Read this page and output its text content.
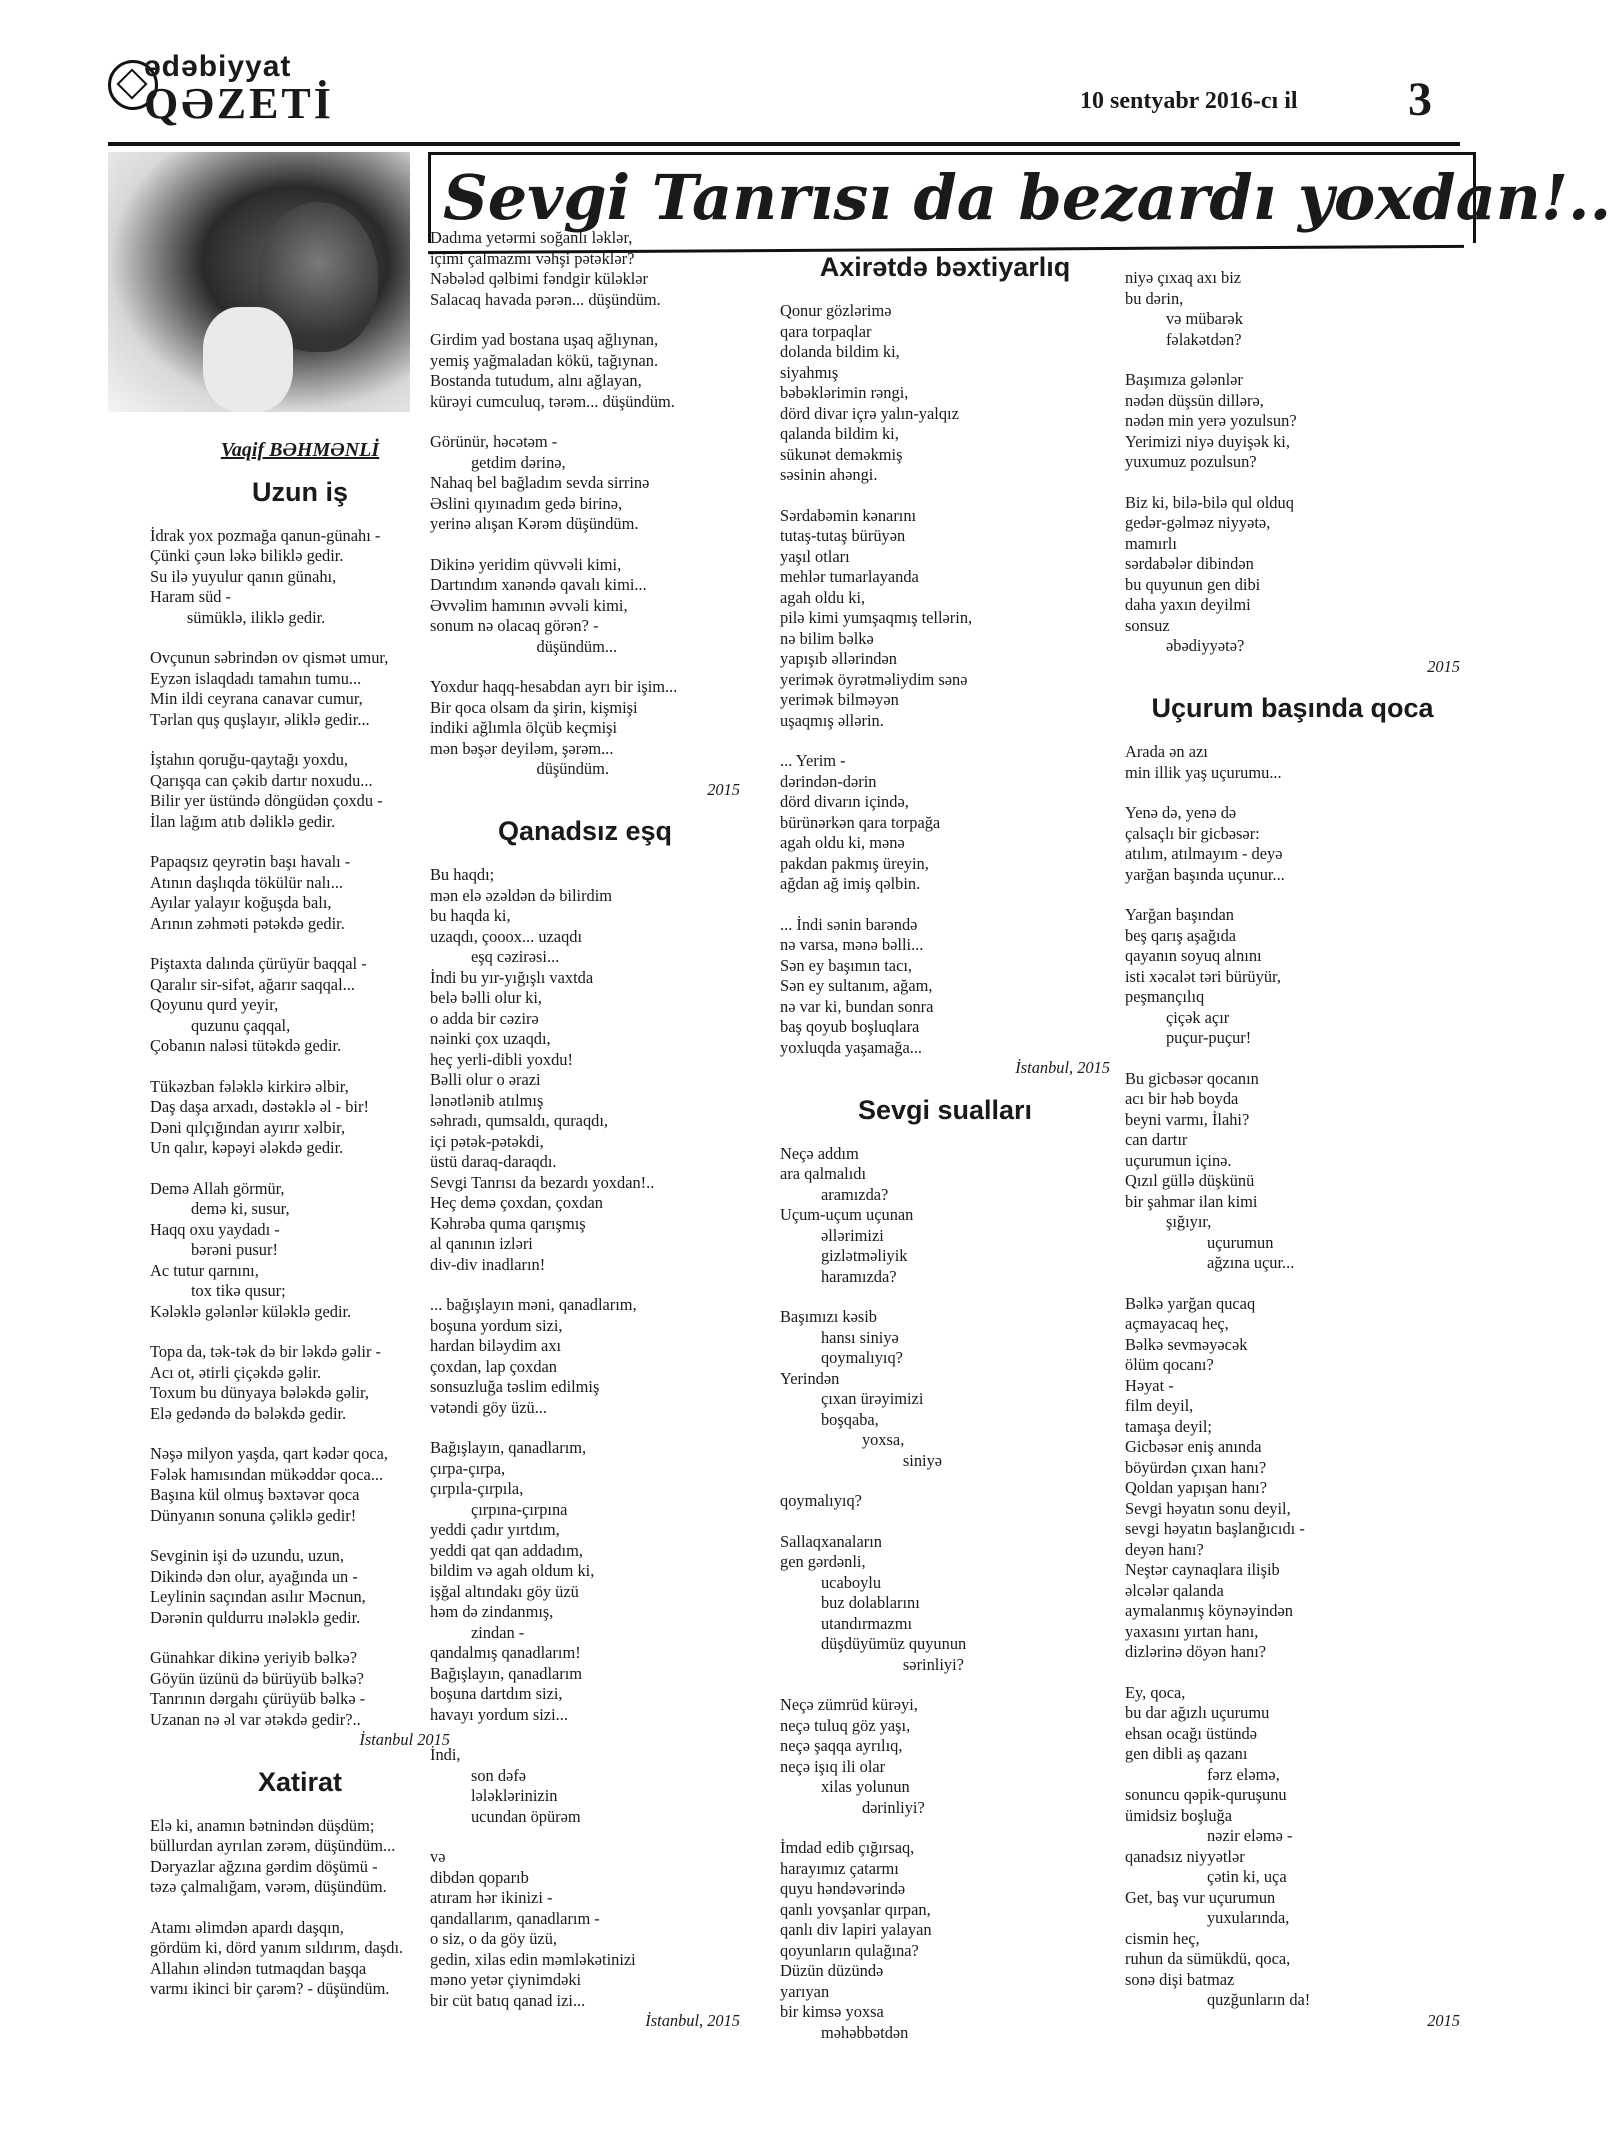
ədəbiyyat
QƏZETİ	10 sentyabr 2016-cı il 3
Sevgi Tanrısı da bezardı yoxdan!..
Vaqif BƏHMƏNLİ
Uzun iş

İdrak yox pozmağa qanun-günahı -

Çünki çəun ləkə biliklə gedir.

Su ilə yuyulur qanın günahı,

Haram süd -

sümüklə, iliklə gedir.

Ovçunun səbrindən ov qismət umur,

Eyzən islaqdadı tamahın tumu...

Min ildi ceyrana canavar cumur,

Tərlan quş quşlayır, əliklə gedir...

İştahın qoruğu-qaytağı yoxdu,

Qarışqa can çəkib dartır noxudu...

Bilir yer üstündə döngüdən çoxdu -

İlan lağım atıb dəliklə gedir.

Papaqsız qeyrətin başı havalı -

Atının daşlıqda tökülür nalı...

Ayılar yalayır koğuşda balı,

Arının zəhməti pətəkdə gedir.

Piştaxta dalında çürüyür baqqal -

Qaralır sir-sifət, ağarır saqqal...

Qoyunu qurd yeyir,

quzunu çaqqal,

Çobanın naləsi tütəkdə gedir.

Tükəzban fələklə kirkirə əlbir,

Daş daşa arxadı, dəstəklə əl - bir!

Dəni qılçığından ayırır xəlbir,

Un qalır, kəpəyi ələkdə gedir.

Demə Allah görmür,

demə ki, susur,

Haqq oxu yaydadı -

bərəni pusur!

Ac tutur qarnını,

tox tikə qusur;

Kələklə gələnlər küləklə gedir.

Topa da, tək-tək də bir ləkdə gəlir -

Acı ot, ətirli çiçəkdə gəlir.

Toxum bu dünyaya bələkdə gəlir,

Elə gedəndə də bələkdə gedir.

Nəşə milyon yaşda, qart kədər qoca,

Fələk hamısından mükəddər qoca...

Başına kül olmuş bəxtəvər qoca

Dünyanın sonuna çəliklə gedir!

Sevginin işi də uzundu, uzun,

Dikində dən olur, ayağında un -

Leylinin saçından asılır Məcnun,

Dərənin quldurru ınələklə gedir.

Günahkar dikinə yeriyib bəlkə?

Göyün üzünü də bürüyüb bəlkə?

Tanrının dərgahı çürüyüb bəlkə -

Uzanan nə əl var ətəkdə gedir?..

İstanbul 2015

Xatirat

Elə ki, anamın bətnindən düşdüm;

büllurdan ayrılan zərəm, düşündüm...

Dəryazlar ağzına gərdim döşümü -

təzə çalmalığam, vərəm, düşündüm.

Atamı əlimdən apardı daşqın,

gördüm ki, dörd yanım sıldırım, daşdı.

Allahın əlindən tutmaqdan başqa

varmı ikinci bir çarəm? - düşündüm.

Dadıma yetərmi soğanlı ləklər,

içimi çalmazmı vəhşi pətəklər?

Nəbələd qəlbimi fəndgir küləklər

Salacaq havada pərən... düşündüm.

Girdim yad bostana uşaq ağlıynan,

yemiş yağmaladan kökü, tağıynan.

Bostanda tutudum, alnı ağlayan,

kürəyi cumculuq, tərəm... düşündüm.

Görünür, həcətəm -

getdim dərinə,

Nahaq bel bağladım sevda sirrinə

Əslini qıyınadım gedə birinə,

yerinə alışan Kərəm düşündüm.

Dikinə yeridim qüvvəli kimi,

Dartındım xanəndə qavalı kimi...

Əvvəlim hamının əvvəli kimi,

sonum nə olacaq görən? -

düşündüm...

Yoxdur haqq-hesabdan ayrı bir işim...

Bir qoca olsam da şirin, kişmişi

indiki ağlımla ölçüb keçmişi

mən bəşər deyiləm, şərəm...

düşündüm.

2015

Qanadsız eşq

Bu haqdı;

mən elə əzəldən də bilirdim

bu haqda ki,

uzaqdı, çooox... uzaqdı

eşq cəzirəsi...

İndi bu yır-yığışlı vaxtda

belə bəlli olur ki,

o adda bir cəzirə

nəinki çox uzaqdı,

heç yerli-dibli yoxdu!

Bəlli olur o ərazi

lənətlənib atılmış

səhradı, qumsaldı, quraqdı,

içi pətək-pətəkdi,

üstü daraq-daraqdı.

Sevgi Tanrısı da bezardı yoxdan!..

Heç demə çoxdan, çoxdan

Kəhrəba quma qarışmış

al qanının izləri

div-div inadların!

... bağışlayın məni, qanadlarım,

boşuna yordum sizi,

hardan biləydim axı

çoxdan, lap çoxdan

sonsuzluğa təslim edilmiş

vətəndi göy üzü...

Bağışlayın, qanadlarım,

çırpa-çırpa,

çırpıla-çırpıla,

çırpına-çırpına

yeddi çadır yırtdım,

yeddi qat qan addadım,

bildim və agah oldum ki,

işğal altındakı göy üzü

həm də zindanmış,

zindan -

qandalmış qanadlarım!

Bağışlayın, qanadlarım

boşuna dartdım sizi,

havayı yordum sizi...

İndi,

son dəfə

lələklərinizin

ucundan öpürəm

və

dibdən qoparıb

atıram hər ikinizi -

qandallarım, qanadlarım -

o siz, o da göy üzü,

gedin, xilas edin məmləkətinizi

məno yetər çiynimdəki

bir cüt batıq qanad izi...

İstanbul, 2015

Axirətdə bəxtiyarlıq

Qonur gözlərimə

qara torpaqlar

dolanda bildim ki,

siyahmış

bəbəklərimin rəngi,

dörd divar içrə yalın-yalqız

qalanda bildim ki,

sükunət deməkmiş

səsinin ahəngi.

Sərdabəmin kənarını

tutaş-tutaş bürüyən

yaşıl otları

mehlər tumarlayanda

agah oldu ki,

pilə kimi yumşaqmış tellərin,

nə bilim bəlkə

yapışıb əllərindən

yerimək öyrətməliydim sənə

yerimək bilməyən

uşaqmış əllərin.

... Yerim -

dərindən-dərin

dörd divarın içində,

bürünərkən qara torpağa

agah oldu ki, mənə

pakdan pakmış üreyin,

ağdan ağ imiş qəlbin.

... İndi sənin barəndə

nə varsa, mənə bəlli...

Sən ey başımın tacı,

Sən ey sultanım, ağam,

nə var ki, bundan sonra

baş qoyub boşluqlara

yoxluqda yaşamağa...

İstanbul, 2015

Sevgi sualları

Neçə addım

ara qalmalıdı

aramızda?

Uçum-uçum uçunan

əllərimizi

gizlətməliyik

haramızda?

Başımızı kəsib

hansı siniyə

qoymalıyıq?

Yerindən

çıxan ürəyimizi

boşqaba,

yoxsa,

siniyə

qoymalıyıq?

Sallaqxanaların

gen gərdənli,

ucaboylu

buz dolablarını

utandırmazmı

düşdüyümüz quyunun

sərinliyi?

Neçə zümrüd kürəyi,

neçə tuluq göz yaşı,

neçə şaqqa ayrılıq,

neçə işıq ili olar

xilas yolunun

dərinliyi?

İmdad edib çığırsaq,

harayımız çatarmı

quyu həndəvərində

qanlı yovşanlar qırpan,

qanlı div lapiri yalayan

qoyunların qulağına?

Düzün düzündə

yarıyan

bir kimsə yoxsa

məhəbbətdən

niyə çıxaq axı biz

bu dərin,

və mübarək

fəlakətdən?

Başımıza gələnlər

nədən düşsün dillərə,

nədən min yerə yozulsun?

Yerimizi niyə duyişək ki,

yuxumuz pozulsun?

Biz ki, bilə-bilə qul olduq

gedər-gəlməz niyyətə,

mamırlı

sərdabələr dibindən

bu quyunun gen dibi

daha yaxın deyilmi

sonsuz

əbədiyyətə?

2015

Uçurum başında qoca

Arada ən azı

min illik yaş uçurumu...

Yenə də, yenə də

çalsaçlı bir gicbəsər:

atılım, atılmayım - deyə

yarğan başında uçunur...

Yarğan başından

beş qarış aşağıda

qayanın soyuq alnını

isti xəcalət təri bürüyür,

peşmançılıq

çiçək açır

puçur-puçur!

Bu gicbəsər qocanın

acı bir həb boyda

beyni varmı, İlahi?

can dartır

uçurumun içinə.

Qızıl güllə düşkünü

bir şahmar ilan kimi

şığıyır,

uçurumun

ağzına uçur...

Bəlkə yarğan qucaq

açmayacaq heç,

Bəlkə sevməyəcək

ölüm qocanı?

Həyat -

film deyil,

tamaşa deyil;

Gicbəsər eniş anında

böyürdən çıxan hanı?

Qoldan yapışan hanı?

Sevgi həyatın sonu deyil,

sevgi həyatın başlanğıcıdı -

deyən hanı?

Neştər caynaqlara ilişib

əlcələr qalanda

aymalanmış köynəyindən

yaxasını yırtan hanı,

dizlərinə döyən hanı?

Ey, qoca,

bu dar ağızlı uçurumu

ehsan ocağı üstündə

gen dibli aş qazanı

fərz eləmə,

sonuncu qəpik-quruşunu

ümidsiz boşluğa

nəzir eləmə -

qanadsız niyyətlər

çətin ki, uça

Get, baş vur uçurumun

yuxularında,

cismin heç,

ruhun da sümükdü, qoca,

sonə dişi batmaz

quzğunların da!

2015
